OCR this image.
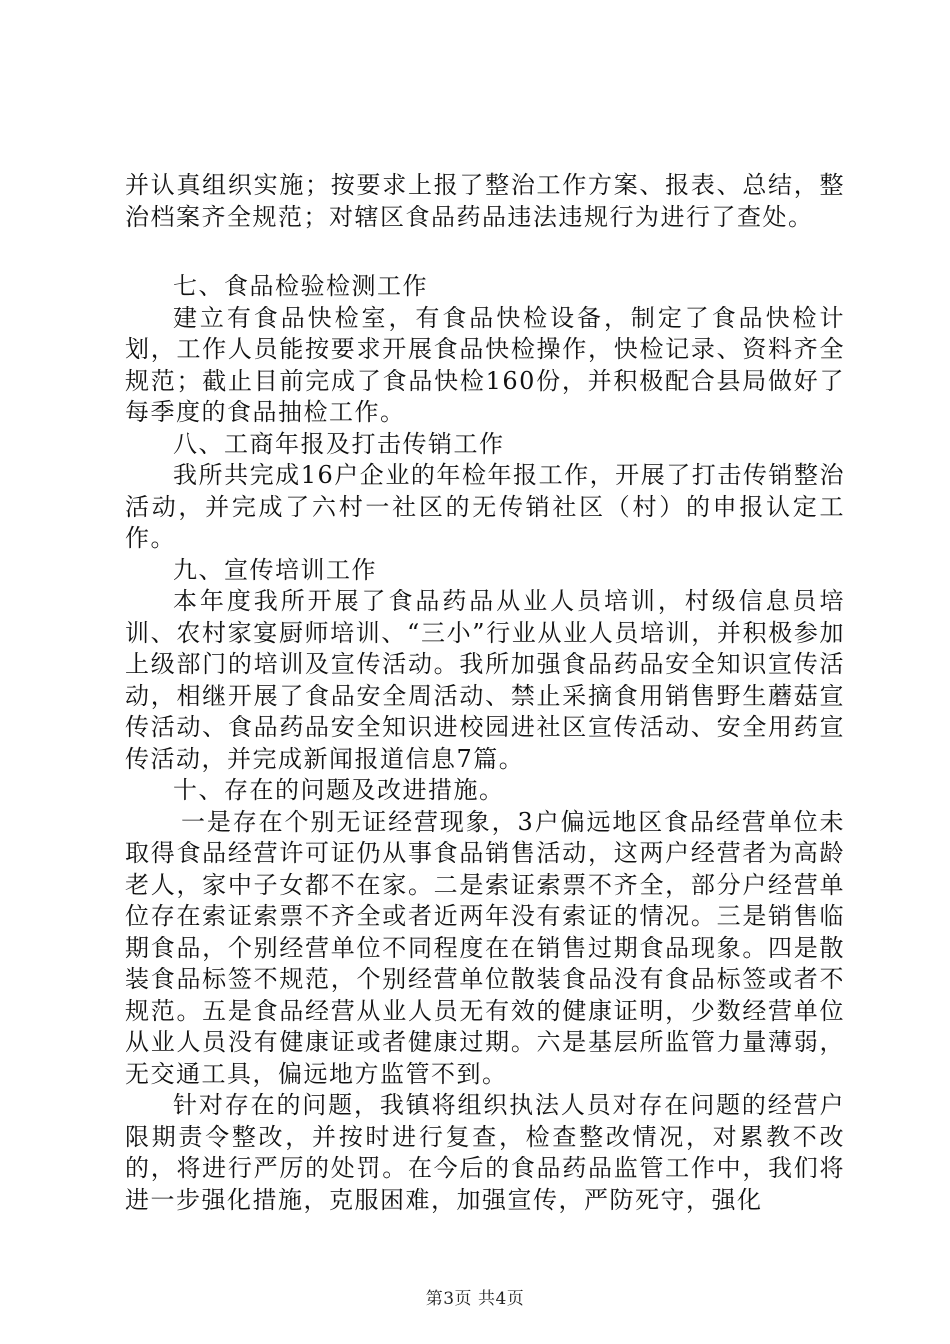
并认真组织实施；按要求上报了整治工作方案、报表、总结，整治档案齐全规范；对辖区食品药品违法违规行为进行了查处。

七、食品检验检测工作

建立有食品快检室，有食品快检设备，制定了食品快检计划，工作人员能按要求开展食品快检操作，快检记录、资料齐全规范；截止目前完成了食品快检160份，并积极配合县局做好了每季度的食品抽检工作。

八、工商年报及打击传销工作

我所共完成16户企业的年检年报工作，开展了打击传销整治活动，并完成了六村一社区的无传销社区（村）的申报认定工作。

九、宣传培训工作

本年度我所开展了食品药品从业人员培训，村级信息员培训、农村家宴厨师培训、“三小”行业从业人员培训，并积极参加上级部门的培训及宣传活动。我所加强食品药品安全知识宣传活动，相继开展了食品安全周活动、禁止采摘食用销售野生蘑菇宣传活动、食品药品安全知识进校园进社区宣传活动、安全用药宣传活动，并完成新闻报道信息7篇。

十、存在的问题及改进措施。

一是存在个别无证经营现象，3户偏远地区食品经营单位未取得食品经营许可证仍从事食品销售活动，这两户经营者为高龄老人，家中子女都不在家。二是索证索票不齐全，部分户经营单位存在索证索票不齐全或者近两年没有索证的情况。三是销售临期食品，个别经营单位不同程度在在销售过期食品现象。四是散装食品标签不规范，个别经营单位散装食品没有食品标签或者不规范。五是食品经营从业人员无有效的健康证明，少数经营单位从业人员没有健康证或者健康过期。六是基层所监管力量薄弱，无交通工具，偏远地方监管不到。

针对存在的问题，我镇将组织执法人员对存在问题的经营户限期责令整改，并按时进行复查，检查整改情况，对累教不改的，将进行严厉的处罚。在今后的食品药品监管工作中，我们将进一步强化措施，克服困难，加强宣传，严防死守，强化

第3页 共4页
